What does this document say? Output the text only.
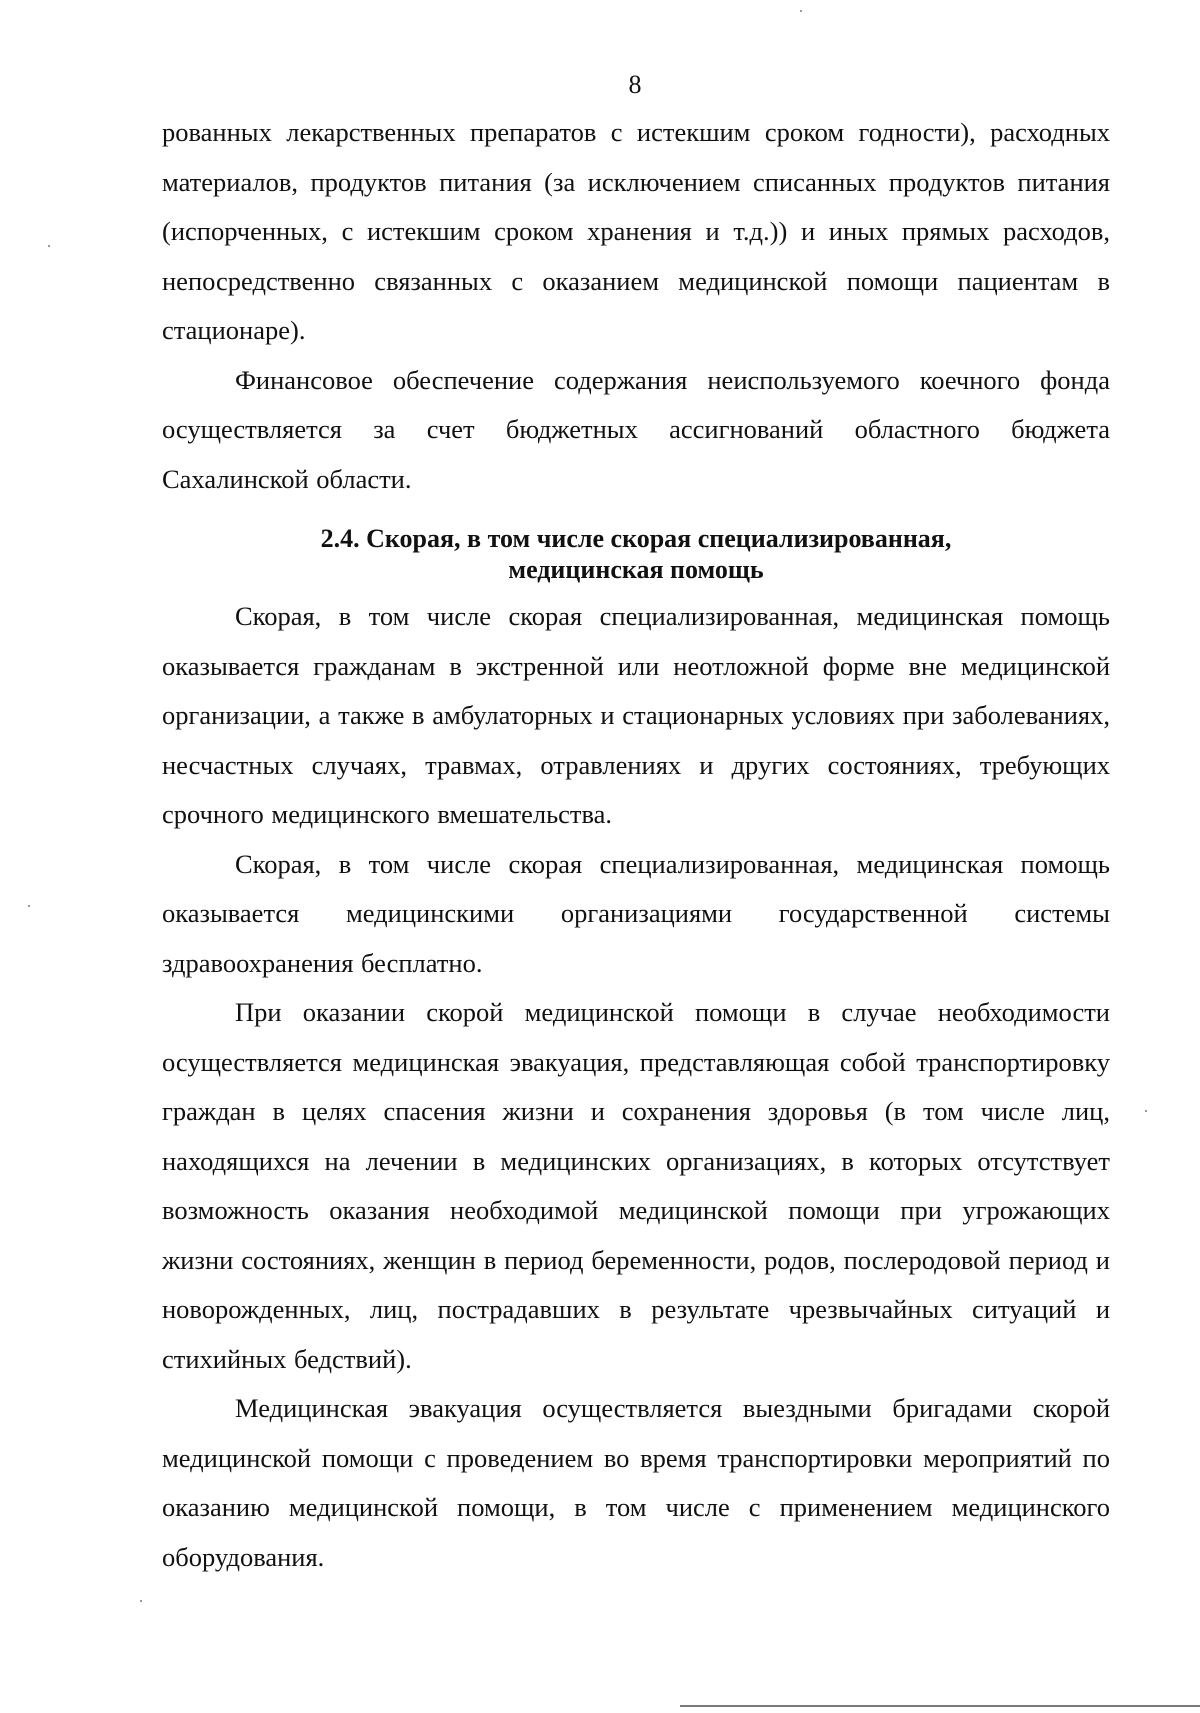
8

рованных лекарственных препаратов с истекшим сроком годности), расходных материалов, продуктов питания (за исключением списанных продуктов питания (испорченных, с истекшим сроком хранения и т.д.)) и иных прямых расходов, непосредственно связанных с оказанием медицинской помощи пациентам в стационаре).

Финансовое обеспечение содержания неиспользуемого коечного фонда осуществляется за счет бюджетных ассигнований областного бюджета Сахалинской области.

2.4. Скорая, в том числе скорая специализированная,
медицинская помощь

Скорая, в том числе скорая специализированная, медицинская помощь оказывается гражданам в экстренной или неотложной форме вне медицинской организации, а также в амбулаторных и стационарных условиях при заболеваниях, несчастных случаях, травмах, отравлениях и других состояниях, требующих срочного медицинского вмешательства.

Скорая, в том числе скорая специализированная, медицинская помощь оказывается медицинскими организациями государственной системы здравоохранения бесплатно.

При оказании скорой медицинской помощи в случае необходимости осуществляется медицинская эвакуация, представляющая собой транспортировку граждан в целях спасения жизни и сохранения здоровья (в том числе лиц, находящихся на лечении в медицинских организациях, в которых отсутствует возможность оказания необходимой медицинской помощи при угрожающих жизни состояниях, женщин в период беременности, родов, послеродовой период и новорожденных, лиц, пострадавших в результате чрезвычайных ситуаций и стихийных бедствий).

Медицинская эвакуация осуществляется выездными бригадами скорой медицинской помощи с проведением во время транспортировки мероприятий по оказанию медицинской помощи, в том числе с применением медицинского оборудования.
